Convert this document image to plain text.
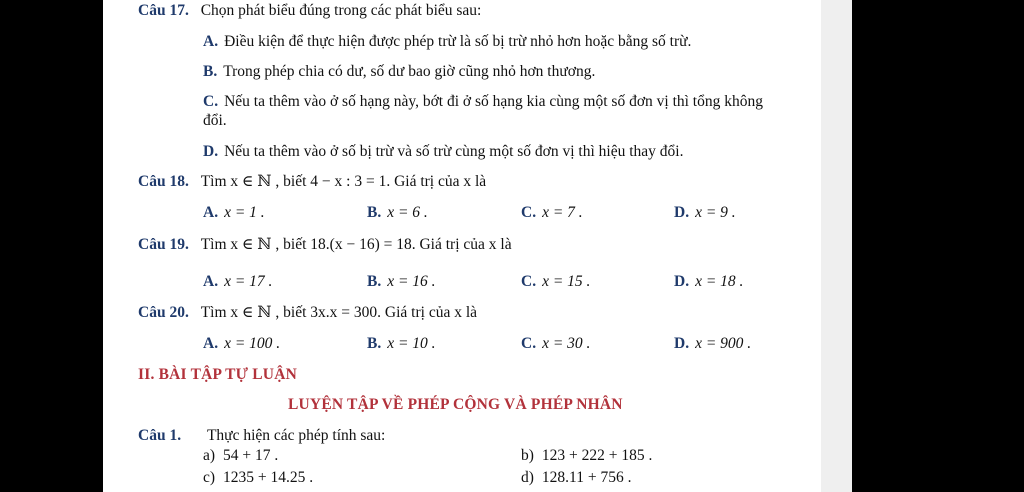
Câu 17. Chọn phát biểu đúng trong các phát biểu sau:
A. Điều kiện để thực hiện được phép trừ là số bị trừ nhỏ hơn hoặc bằng số trừ.
B. Trong phép chia có dư, số dư bao giờ cũng nhỏ hơn thương.
C. Nếu ta thêm vào ở số hạng này, bớt đi ở số hạng kia cùng một số đơn vị thì tổng không
đổi.
D. Nếu ta thêm vào ở số bị trừ và số trừ cùng một số đơn vị thì hiệu thay đổi.
Câu 18. Tìm x ∈ ℕ , biết 4 − x : 3 = 1. Giá trị của x là
A. x = 1 .	B. x = 6 .	C. x = 7 .	D. x = 9 .
Câu 19. Tìm x ∈ ℕ , biết 18.(x − 16) = 18. Giá trị của x là
A. x = 17 .	B. x = 16 .	C. x = 15 .	D. x = 18 .
Câu 20. Tìm x ∈ ℕ , biết 3x.x = 300. Giá trị của x là
A. x = 100 .	B. x = 10 .	C. x = 30 .	D. x = 900 .
II. BÀI TẬP TỰ LUẬN
LUYỆN TẬP VỀ PHÉP CỘNG VÀ PHÉP NHÂN
Câu 1. Thực hiện các phép tính sau:
a) 54 + 17 .	b) 123 + 222 + 185 .
c) 1235 + 14.25 .	d) 128.11 + 756 .
